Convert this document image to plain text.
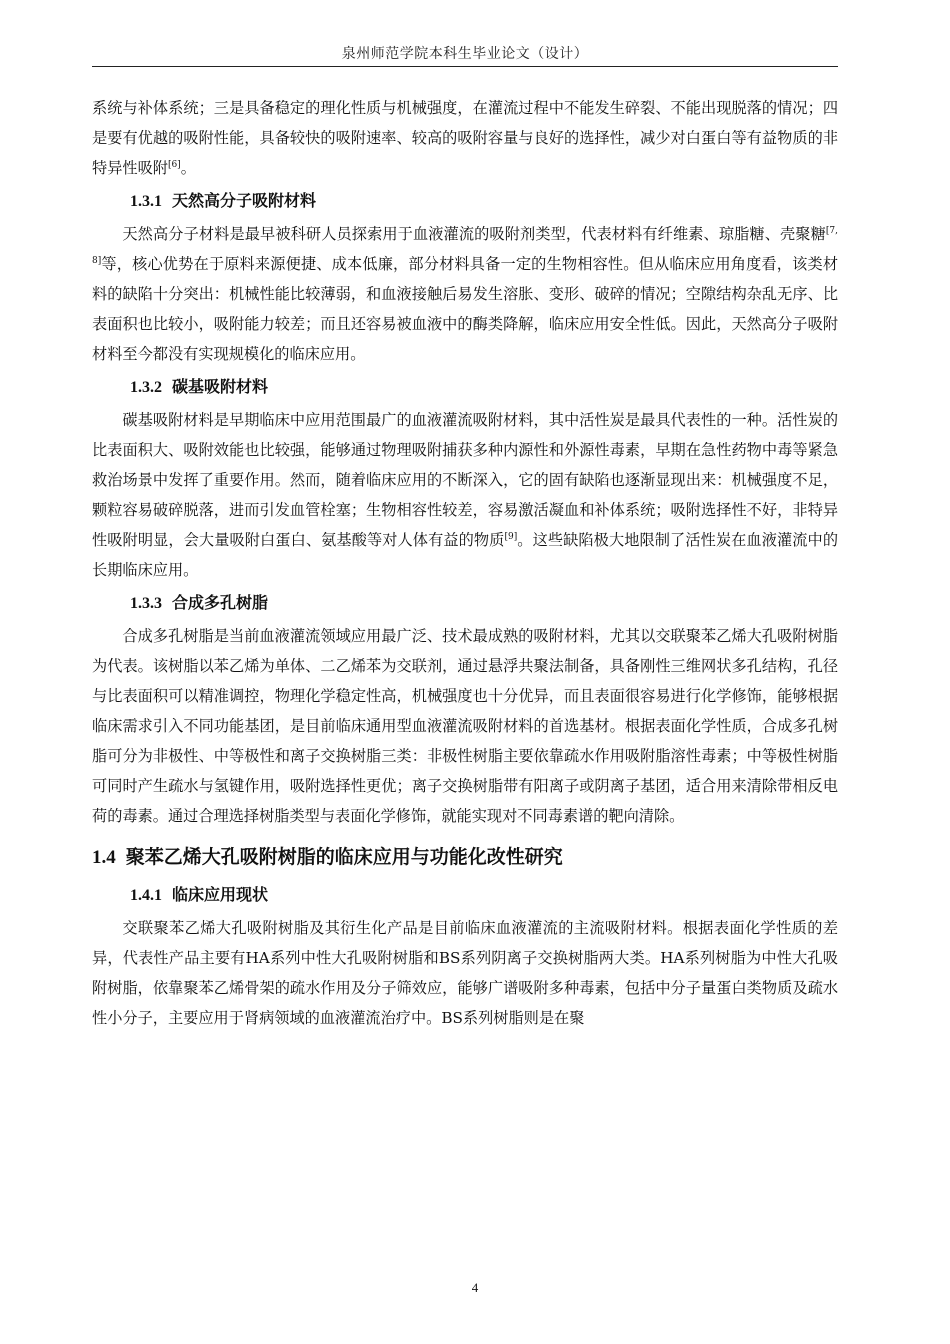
泉州师范学院本科生毕业论文（设计）

系统与补体系统；三是具备稳定的理化性质与机械强度，在灌流过程中不能发生碎裂、不能出现脱落的情况；四是要有优越的吸附性能，具备较快的吸附速率、较高的吸附容量与良好的选择性，减少对白蛋白等有益物质的非特异性吸附[6]。

1.3.1 天然高分子吸附材料

天然高分子材料是最早被科研人员探索用于血液灌流的吸附剂类型，代表材料有纤维素、琼脂糖、壳聚糖[7, 8]等，核心优势在于原料来源便捷、成本低廉，部分材料具备一定的生物相容性。但从临床应用角度看，该类材料的缺陷十分突出：机械性能比较薄弱，和血液接触后易发生溶胀、变形、破碎的情况；空隙结构杂乱无序、比表面积也比较小，吸附能力较差；而且还容易被血液中的酶类降解，临床应用安全性低。因此，天然高分子吸附材料至今都没有实现规模化的临床应用。

1.3.2 碳基吸附材料

碳基吸附材料是早期临床中应用范围最广的血液灌流吸附材料，其中活性炭是最具代表性的一种。活性炭的比表面积大、吸附效能也比较强，能够通过物理吸附捕获多种内源性和外源性毒素，早期在急性药物中毒等紧急救治场景中发挥了重要作用。然而，随着临床应用的不断深入，它的固有缺陷也逐渐显现出来：机械强度不足，颗粒容易破碎脱落，进而引发血管栓塞；生物相容性较差，容易激活凝血和补体系统；吸附选择性不好，非特异性吸附明显，会大量吸附白蛋白、氨基酸等对人体有益的物质[9]。这些缺陷极大地限制了活性炭在血液灌流中的长期临床应用。

1.3.3 合成多孔树脂

合成多孔树脂是当前血液灌流领域应用最广泛、技术最成熟的吸附材料，尤其以交联聚苯乙烯大孔吸附树脂为代表。该树脂以苯乙烯为单体、二乙烯苯为交联剂，通过悬浮共聚法制备，具备刚性三维网状多孔结构，孔径与比表面积可以精准调控，物理化学稳定性高，机械强度也十分优异，而且表面很容易进行化学修饰，能够根据临床需求引入不同功能基团，是目前临床通用型血液灌流吸附材料的首选基材。根据表面化学性质，合成多孔树脂可分为非极性、中等极性和离子交换树脂三类：非极性树脂主要依靠疏水作用吸附脂溶性毒素；中等极性树脂可同时产生疏水与氢键作用，吸附选择性更优；离子交换树脂带有阳离子或阴离子基团，适合用来清除带相反电荷的毒素。通过合理选择树脂类型与表面化学修饰，就能实现对不同毒素谱的靶向清除。

1.4 聚苯乙烯大孔吸附树脂的临床应用与功能化改性研究
1.4.1 临床应用现状

交联聚苯乙烯大孔吸附树脂及其衍生化产品是目前临床血液灌流的主流吸附材料。根据表面化学性质的差异，代表性产品主要有HA系列中性大孔吸附树脂和BS系列阴离子交换树脂两大类。HA系列树脂为中性大孔吸附树脂，依靠聚苯乙烯骨架的疏水作用及分子筛效应，能够广谱吸附多种毒素，包括中分子量蛋白类物质及疏水性小分子，主要应用于肾病领域的血液灌流治疗中。BS系列树脂则是在聚

4
